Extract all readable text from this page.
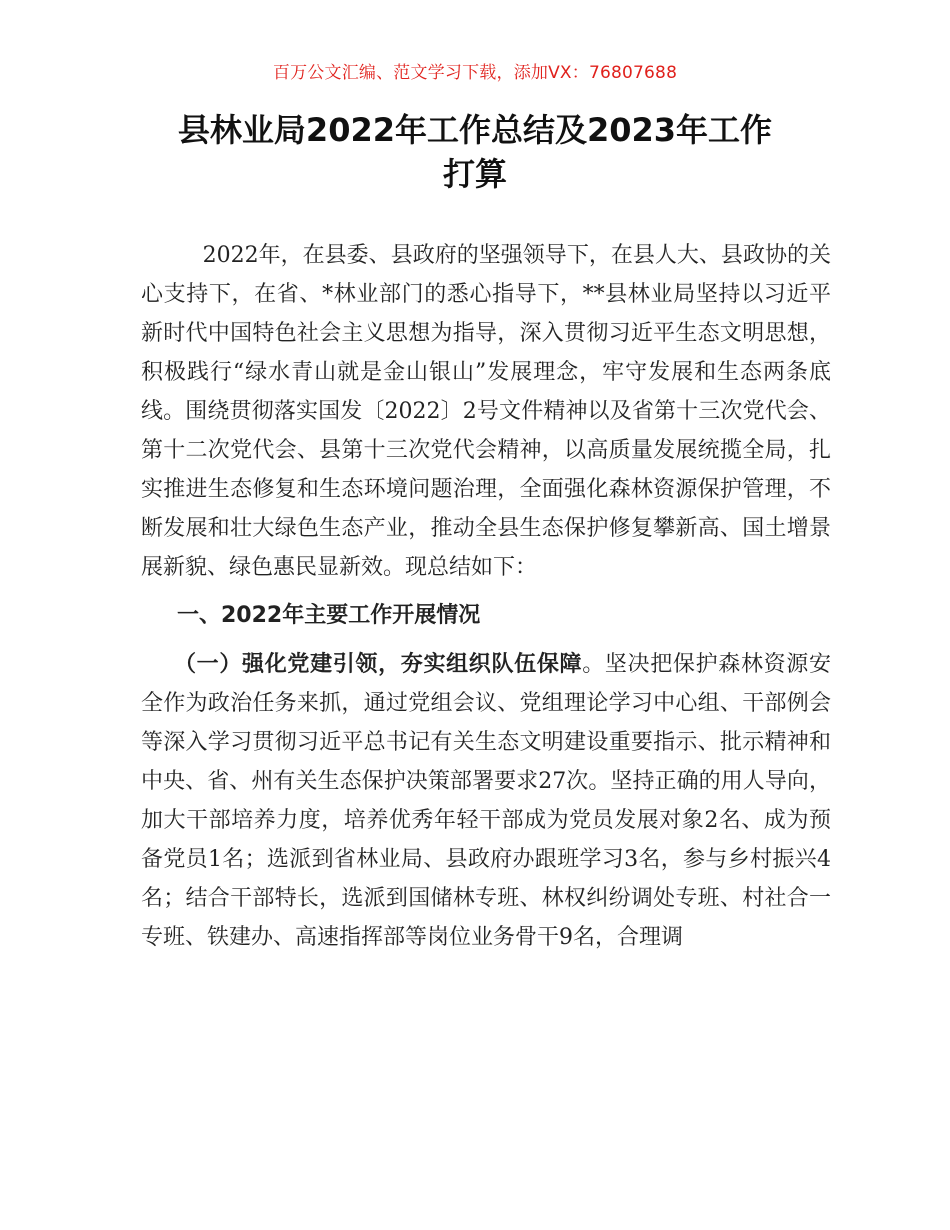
百万公文汇编、范文学习下载，添加VX：76807688
县林业局2022年工作总结及2023年工作
打算

2022年，在县委、县政府的坚强领导下，在县人大、县政协的关心支持下，在省、*林业部门的悉心指导下，**县林业局坚持以习近平新时代中国特色社会主义思想为指导，深入贯彻习近平生态文明思想，积极践行“绿水青山就是金山银山”发展理念，牢守发展和生态两条底线。围绕贯彻落实国发〔2022〕2号文件精神以及省第十三次党代会、第十二次党代会、县第十三次党代会精神，以高质量发展统揽全局，扎实推进生态修复和生态环境问题治理，全面强化森林资源保护管理，不断发展和壮大绿色生态产业，推动全县生态保护修复攀新高、国土增景展新貌、绿色惠民显新效。现总结如下：

一、2022年主要工作开展情况

（一）强化党建引领，夯实组织队伍保障。坚决把保护森林资源安全作为政治任务来抓，通过党组会议、党组理论学习中心组、干部例会等深入学习贯彻习近平总书记有关生态文明建设重要指示、批示精神和中央、省、州有关生态保护决策部署要求27次。坚持正确的用人导向，加大干部培养力度，培养优秀年轻干部成为党员发展对象2名、成为预备党员1名；选派到省林业局、县政府办跟班学习3名，参与乡村振兴4名；结合干部特长，选派到国储林专班、林权纠纷调处专班、村社合一专班、铁建办、高速指挥部等岗位业务骨干9名，合理调
